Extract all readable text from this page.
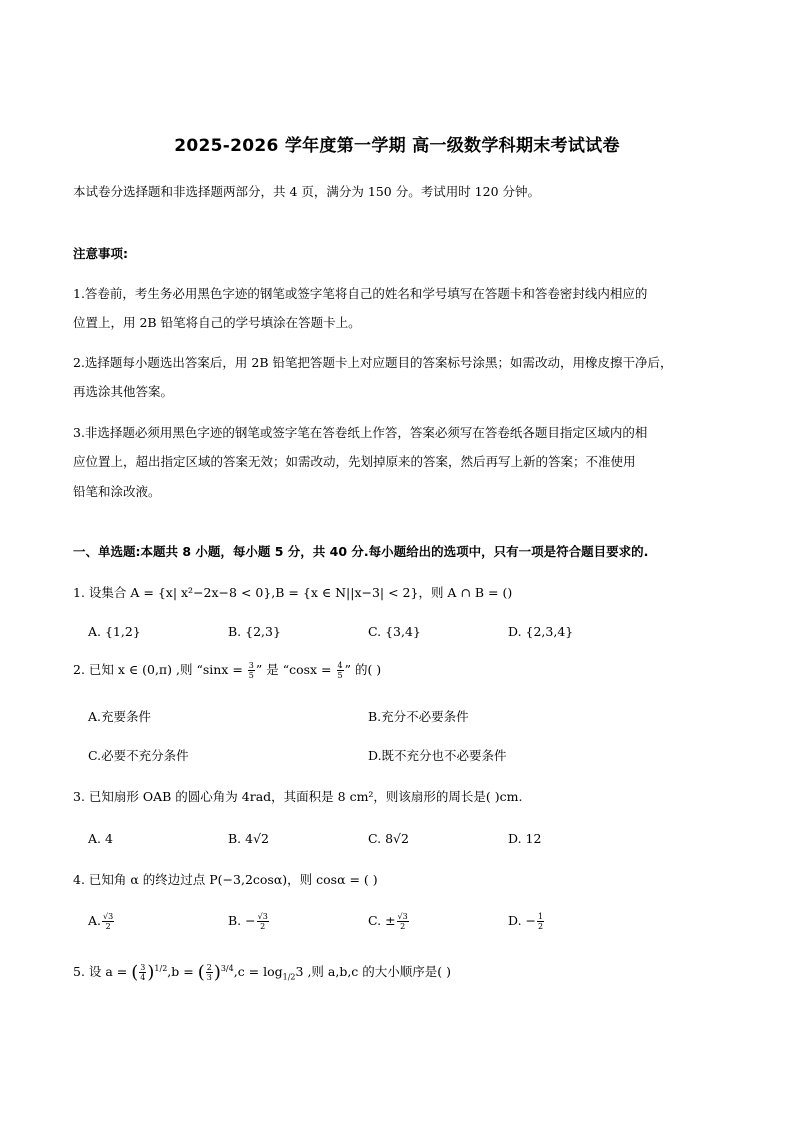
2025-2026 学年度第一学期 高一级数学科期末考试试卷
本试卷分选择题和非选择题两部分，共 4 页，满分为 150 分。考试用时 120 分钟。
注意事项:
1.答卷前，考生务必用黑色字迹的钢笔或签字笔将自己的姓名和学号填写在答题卡和答卷密封线内相应的
位置上，用 2B 铅笔将自己的学号填涂在答题卡上。
2.选择题每小题选出答案后，用 2B 铅笔把答题卡上对应题目的答案标号涂黑；如需改动，用橡皮擦干净后，
再选涂其他答案。
3.非选择题必须用黑色字迹的钢笔或签字笔在答卷纸上作答，答案必须写在答卷纸各题目指定区域内的相
应位置上，超出指定区域的答案无效；如需改动，先划掉原来的答案，然后再写上新的答案；不准使用
铅笔和涂改液。
一、单选题:本题共 8 小题，每小题 5 分，共 40 分.每小题给出的选项中，只有一项是符合题目要求的.
1. 设集合 A = {x| x²−2x−8 < 0},B = {x ∈ N||x−3| < 2}，则 A ∩ B = ()
A. {1,2}	B. {2,3}	C. {3,4}	D. {2,3,4}
2. 已知 x ∈ (0,π) ,则 “$\sin x = \frac{3}{5}$ ” 是 “$\cos x = \frac{4}{5}$ ” 的( )
A.充要条件	B.充分不必要条件
C.必要不充分条件	D.既不充分也不必要条件
3. 已知扇形 OAB 的圆心角为 4rad，其面积是 8 cm²，则该扇形的周长是( )cm.
A. 4	B. 4√2	C. 8√2	D. 12
4. 已知角 α 的终边过点 P(−3,2cosα)，则 cosα = ( )
A. $\frac{√3}{2}$	B. − $\frac{√3}{2}$	C. ± $\frac{√3}{2}$	D. − $\frac{1}{2}$
5. 设 a = ( $\frac{3}{4} )^{1/2},b$ = ( $\frac{2}{3} )^{3/4},c = \log_{1/2}3$ ,则 a,b,c 的大小顺序是( )
